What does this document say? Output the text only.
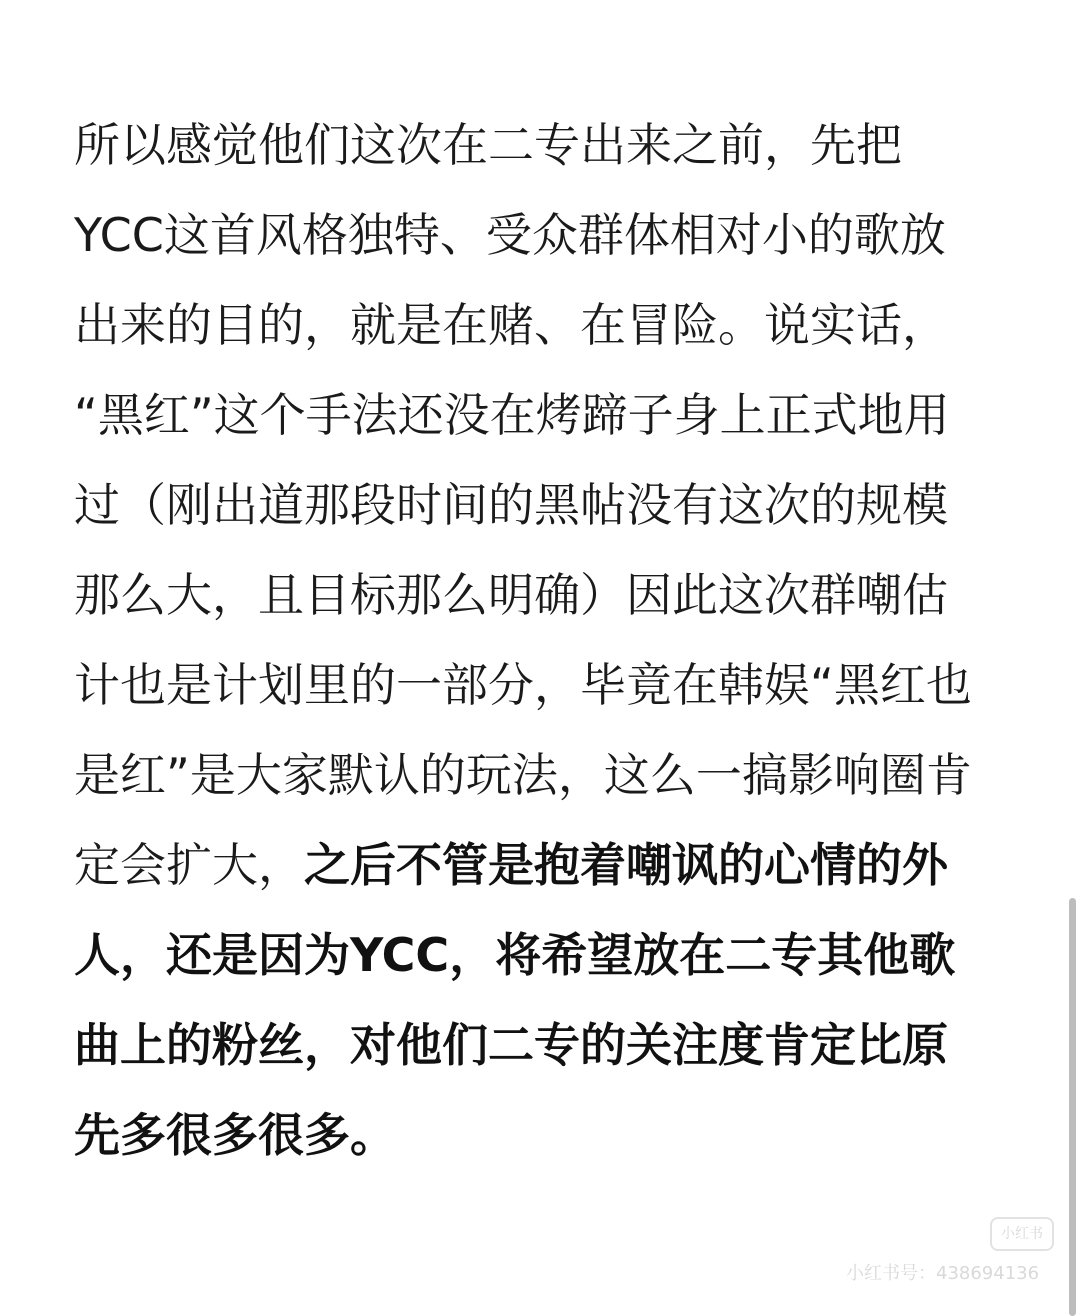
所以感觉他们这次在二专出来之前，先把
YCC这首风格独特、受众群体相对小的歌放
出来的目的，就是在赌、在冒险。说实话，
“黑红”这个手法还没在烤蹄子身上正式地用
过（刚出道那段时间的黑帖没有这次的规模
那么大，且目标那么明确）因此这次群嘲估
计也是计划里的一部分，毕竟在韩娱“黑红也
是红”是大家默认的玩法，这么一搞影响圈肯
定会扩大，之后不管是抱着嘲讽的心情的外
人，还是因为YCC，将希望放在二专其他歌
曲上的粉丝，对他们二专的关注度肯定比原
先多很多很多。
小红书
小红书号：438694136
